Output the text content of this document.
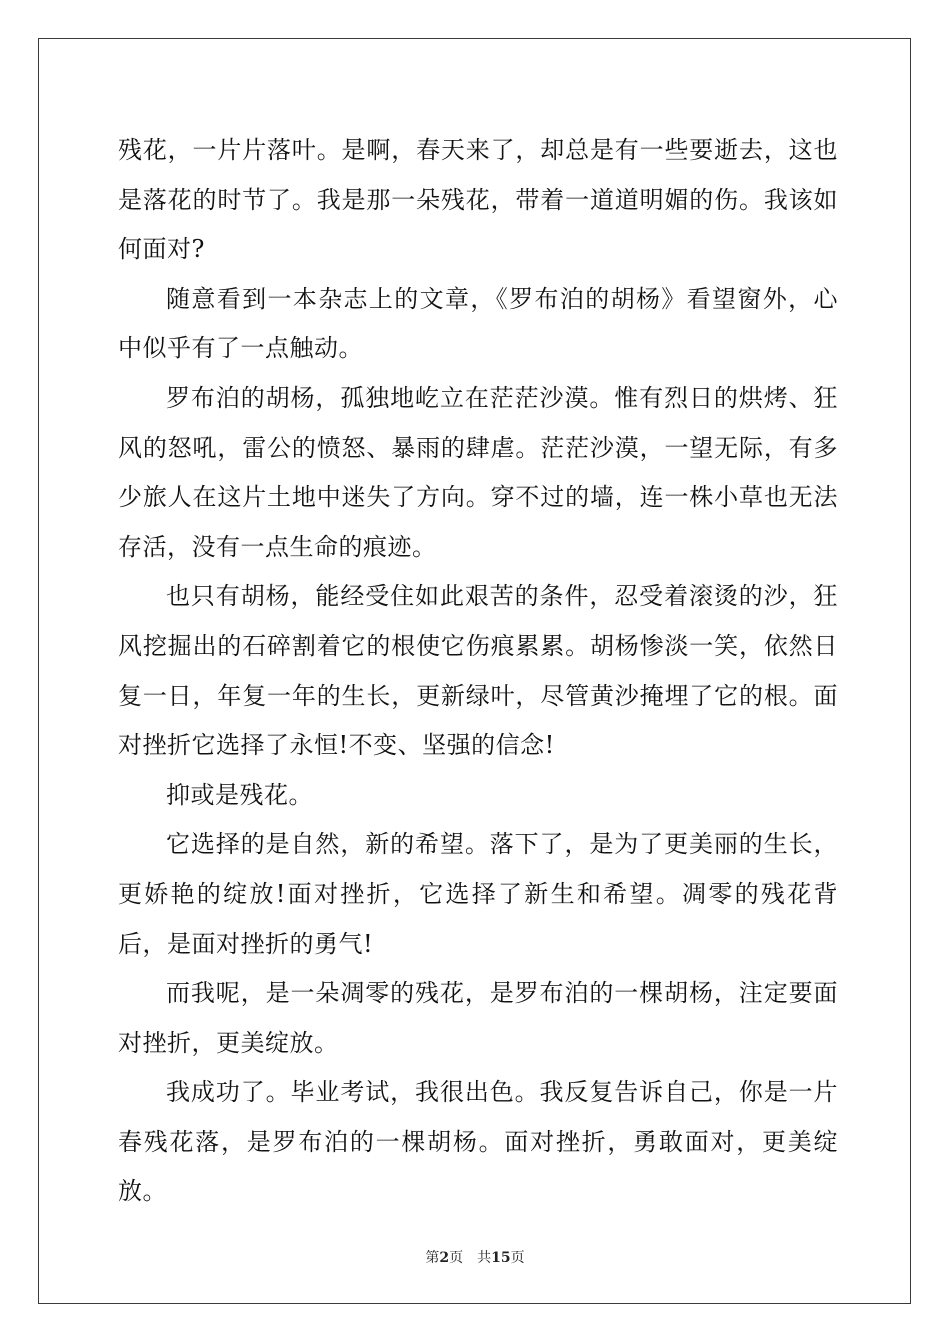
残花，一片片落叶。是啊，春天来了，却总是有一些要逝去，这也是落花的时节了。我是那一朵残花，带着一道道明媚的伤。我该如何面对?

随意看到一本杂志上的文章，《罗布泊的胡杨》看望窗外，心中似乎有了一点触动。

罗布泊的胡杨，孤独地屹立在茫茫沙漠。惟有烈日的烘烤、狂风的怒吼，雷公的愤怒、暴雨的肆虐。茫茫沙漠，一望无际，有多少旅人在这片土地中迷失了方向。穿不过的墙，连一株小草也无法存活，没有一点生命的痕迹。

也只有胡杨，能经受住如此艰苦的条件，忍受着滚烫的沙，狂风挖掘出的石碎割着它的根使它伤痕累累。胡杨惨淡一笑，依然日复一日，年复一年的生长，更新绿叶，尽管黄沙掩埋了它的根。面对挫折它选择了永恒!不变、坚强的信念!

抑或是残花。

它选择的是自然，新的希望。落下了，是为了更美丽的生长，更娇艳的绽放!面对挫折，它选择了新生和希望。凋零的残花背后，是面对挫折的勇气!

而我呢，是一朵凋零的残花，是罗布泊的一棵胡杨，注定要面对挫折，更美绽放。

我成功了。毕业考试，我很出色。我反复告诉自己，你是一片春残花落，是罗布泊的一棵胡杨。面对挫折，勇敢面对，更美绽放。

第2页 共15页
